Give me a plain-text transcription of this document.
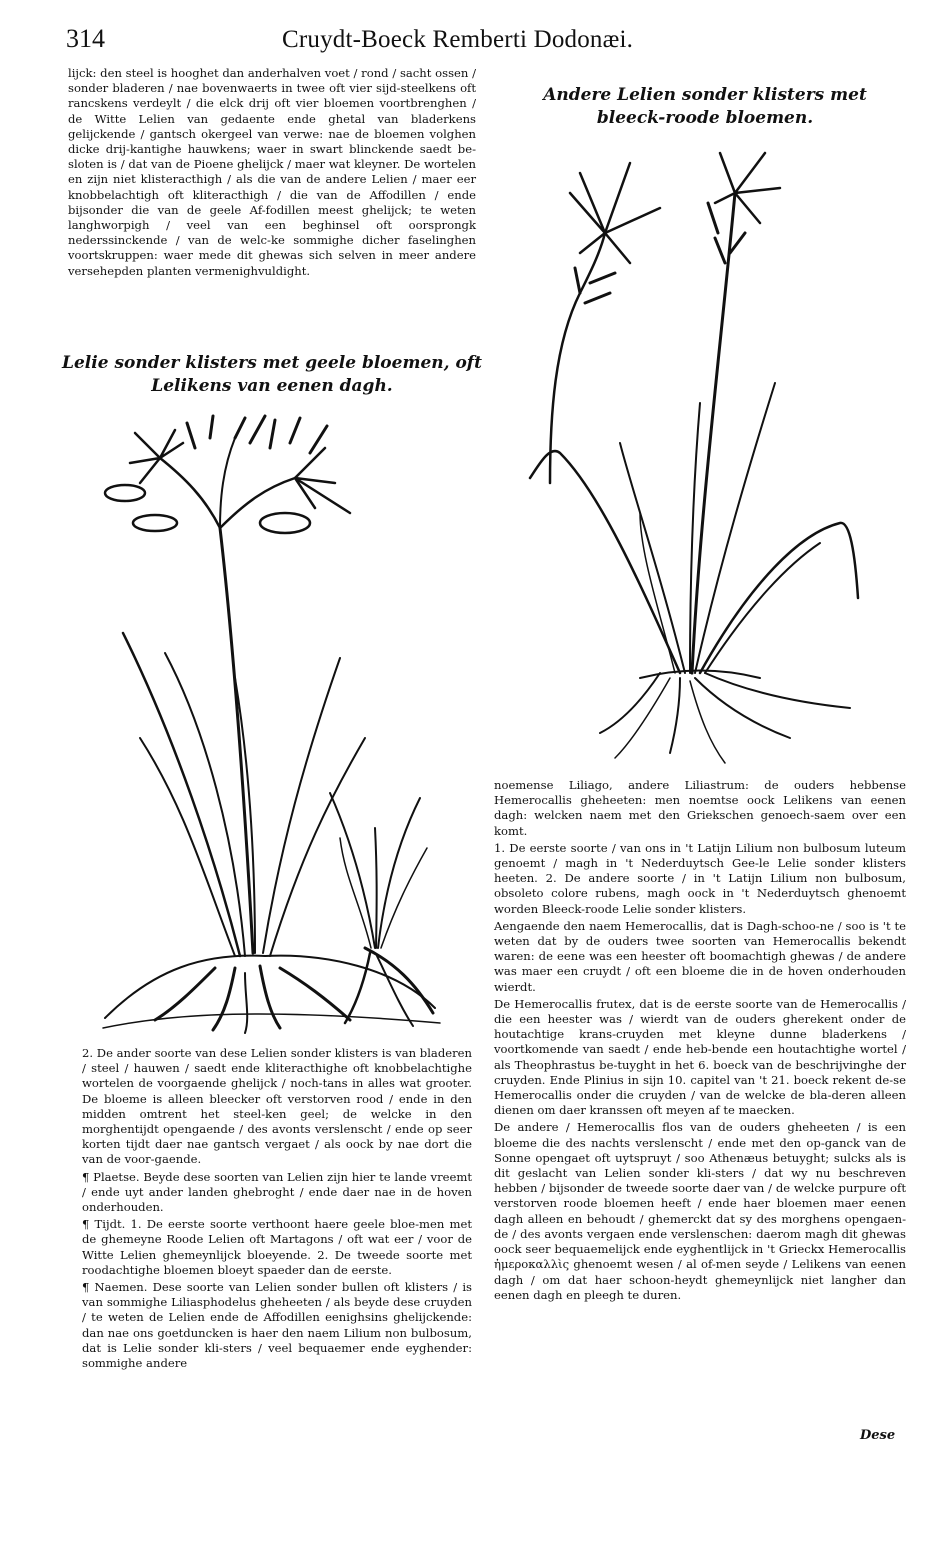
314	Cruydt-Boeck Remberti Dodonæi.

lijck: den steel is hooghet dan anderhalven voet / rond / sacht ossen / sonder bladeren / nae bovenwaerts in twee oft vier sijd-steelkens oft rancskens verdeylt / die elck drij oft vier bloemen voortbrenghen / de Witte Lelien van gedaente ende ghetal van bladerkens gelijckende / gantsch okergeel van verwe: nae de bloemen volghen dicke drij-kantighe hauwkens; waer in swart blinckende saedt be-sloten is / dat van de Pioene ghelijck / maer wat kleyner. De wortelen en zijn niet klisteracthigh / als die van de andere Lelien / maer eer knobbelachtigh oft kliteracthigh / die van de Affodillen / ende bijsonder die van de geele Af-fodillen meest ghelijck; te weten langhworpigh / veel van een beghinsel oft oorsprongk nederssinckende / van de welc-ke sommighe dicher faselinghen voortskruppen: waer mede dit ghewas sich selven in meer andere versehepden planten vermenighvuldight.

Lelie sonder klisters met geele bloemen, oft Lelikens van eenen dagh.
Andere Lelien sonder klisters met bleeck-roode bloemen.

2. De ander soorte van dese Lelien sonder klisters is van bladeren / steel / hauwen / saedt ende kliteracthighe oft knobbelachtighe wortelen de voorgaende ghelijck / noch-tans in alles wat grooter. De bloeme is alleen bleecker oft verstorven rood / ende in den midden omtrent het steel-ken geel; de welcke in den morghentijdt opengaende / des avonts verslenscht / ende op seer korten tijdt daer nae gantsch vergaet / als oock by nae dort die van de voor-gaende.

¶ Plaetse. Beyde dese soorten van Lelien zijn hier te lande vreemt / ende uyt ander landen ghebroght / ende daer nae in de hoven onderhouden.

¶ Tijdt. 1. De eerste soorte verthoont haere geele bloe-men met de ghemeyne Roode Lelien oft Martagons / oft wat eer / voor de Witte Lelien ghemeynlijck bloeyende. 2. De tweede soorte met roodachtighe bloemen bloeyt spaeder dan de eerste.

¶ Naemen. Dese soorte van Lelien sonder bullen oft klisters / is van sommighe Liliasphodelus gheheeten / als beyde dese cruyden / te weten de Lelien ende de Affodillen eenighsins ghelijckende: dan nae ons goetduncken is haer den naem Lilium non bulbosum, dat is Lelie sonder kli-sters / veel bequaemer ende eyghender: sommighe andere

noemense Liliago, andere Liliastrum: de ouders hebbense Hemerocallis gheheeten: men noemtse oock Lelikens van eenen dagh: welcken naem met den Griekschen genoech-saem over een komt.

1. De eerste soorte / van ons in 't Latijn Lilium non bulbosum luteum genoemt / magh in 't Nederduytsch Gee-le Lelie sonder klisters heeten. 2. De andere soorte / in 't Latijn Lilium non bulbosum, obsoleto colore rubens, magh oock in 't Nederduytsch ghenoemt worden Bleeck-roode Lelie sonder klisters.

Aengaende den naem Hemerocallis, dat is Dagh-schoo-ne / soo is 't te weten dat by de ouders twee soorten van Hemerocallis bekendt waren: de eene was een heester oft boomachtigh ghewas / de andere was maer een cruydt / oft een bloeme die in de hoven onderhouden wierdt.

De Hemerocallis frutex, dat is de eerste soorte van de Hemerocallis / die een heester was / wierdt van de ouders gherekent onder de houtachtige krans-cruyden met kleyne dunne bladerkens / voortkomende van saedt / ende heb-bende een houtachtighe wortel / als Theophrastus be-tuyght in het 6. boeck van de beschrijvinghe der cruyden. Ende Plinius in sijn 10. capitel van 't 21. boeck rekent de-se Hemerocallis onder die cruyden / van de welcke de bla-deren alleen dienen om daer kranssen oft meyen af te maecken.

De andere / Hemerocallis flos van de ouders gheheeten / is een bloeme die des nachts verslenscht / ende met den op-ganck van de Sonne opengaet oft uytspruyt / soo Athenæus betuyght; sulcks als is dit geslacht van Lelien sonder kli-sters / dat wy nu beschreven hebben / bijsonder de tweede soorte daer van / de welcke purpure oft verstorven roode bloemen heeft / ende haer bloemen maer eenen dagh alleen en behoudt / ghemerckt dat sy des morghens opengaen-de / des avonts vergaen ende verslenschen: daerom magh dit ghewas oock seer bequaemelijck ende eyghentlijck in 't Grieckx Hemerocallis ἡμεροκαλλὶς ghenoemt wesen / al of-men seyde / Lelikens van eenen dagh / om dat haer schoon-heydt ghemeynlijck niet langher dan eenen dagh en pleegh te duren.

Dese
